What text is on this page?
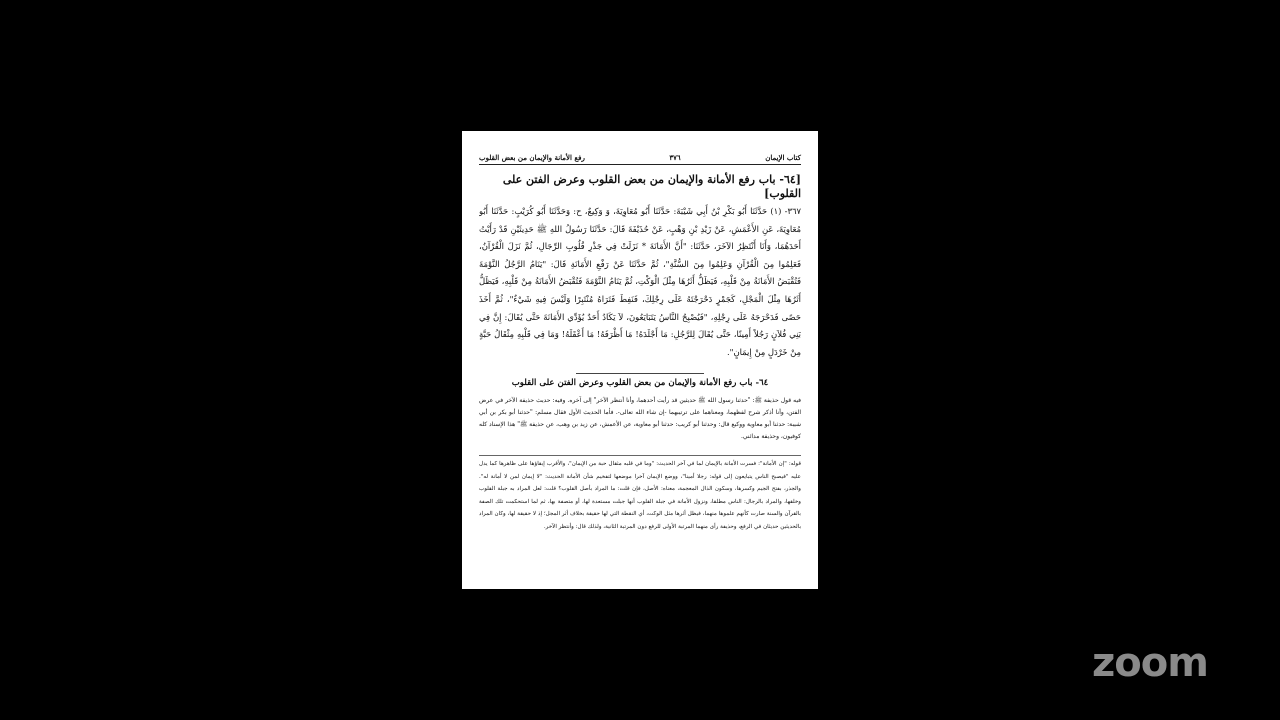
كتاب الإيمان
٣٧٦
رفع الأمانة والإيمان من بعض القلوب
[٦٤- باب رفع الأمانة والإيمان من بعض القلوب وعرض الفتن على القلوب]
٣٦٧- (١) حَدَّثَنَا أَبُو بَكْرِ بْنُ أَبِي شَيْبَةَ: حَدَّثَنَا أَبُو مُعَاوِيَةَ، وَ وَكِيعٌ، ح: وَحَدَّثَنَا أَبُو كُرَيْبٍ: حَدَّثَنَا أَبُو مُعَاوِيَةَ، عَنِ الأَعْمَشِ، عَنْ زَيْدِ بْنِ وَهْبٍ، عَنْ حُذَيْفَةَ قَالَ: حَدَّثَنَا رَسُولُ اللهِ ﷺ حَدِيثَيْنِ قَدْ رَأَيْتُ أَحَدَهُمَا، وَأَنَا أَنْتَظِرُ الآخَرَ، حَدَّثَنَا: "أَنَّ الأَمَانَةَ * نَزَلَتْ فِي جَذْرِ قُلُوبِ الرِّجَالِ، ثُمَّ نَزَلَ الْقُرْآنُ، فَعَلِمُوا مِنَ الْقُرْآنِ وَعَلِمُوا مِنَ السُّنَّةِ"، ثُمَّ حَدَّثَنَا عَنْ رَفْعِ الأَمَانَةِ قَالَ: "يَنَامُ الرَّجُلُ النَّوْمَةَ فَتُقْبَضُ الأَمَانَةُ مِنْ قَلْبِهِ، فَيَظَلُّ أَثَرُهَا مِثْلَ الْوَكْتِ، ثُمَّ يَنَامُ النَّوْمَةَ فَتُقْبَضُ الأَمَانَةُ مِنْ قَلْبِهِ، فَيَظَلُّ أَثَرُهَا مِثْلَ الْمَجْلِ، كَجَمْرٍ دَحْرَجْتَهُ عَلَى رِجْلِكَ، فَنَفِطَ فَتَرَاهُ مُنْتَبِرًا وَلَيْسَ فِيهِ شَيْءٌ"، ثُمَّ أَخَذَ حَصًى فَدَحْرَجَهُ عَلَى رِجْلِهِ، "فَيُصْبِحُ النَّاسُ يَتَبَايَعُونَ، لاَ يَكَادُ أَحَدٌ يُؤَدِّي الأَمَانَةَ حَتَّى يُقَالَ: إِنَّ فِي بَنِي فُلاَنٍ رَجُلاً أَمِينًا، حَتَّى يُقَالَ لِلرَّجُلِ: مَا أَجْلَدَهُ! مَا أَظْرَفَهُ! مَا أَعْقَلَهُ! وَمَا فِي قَلْبِهِ مِثْقَالُ حَبَّةٍ مِنْ خَرْدَلٍ مِنْ إِيمَانٍ".
٦٤- باب رفع الأمانة والإيمان من بعض القلوب وعرض الفتن على القلوب
فيه قول حذيفة ﷺ: "حدثنا رسول الله ﷺ حديثين قد رأيت أحدهما، وأنا أنتظر الآخر" إلى آخره. وفيه: حديث حذيفة الآخر في عرض الفتن، وأنا أذكر شرح لفظهما، ومعناهما على ترتيبهما -إن شاء الله تعالى-. فأما الحديث الأول فقال مسلم: "حدثنا أبو بكر بن أبي شيبة: حدثنا أبو معاوية ووكيع قال: وحدثنا أبو كريب: حدثنا أبو معاوية، عن الأعمش، عن زيد بن وهب، عن حذيفة ﷺ" هذا الإسناد كله كوفيون، وحذيفة مدائني.
قوله: "إن الأمانة": فسرت الأمانة بالإيمان لما في آخر الحديث: "وما في قلبه مثقال حبة من الإيمان"، والأقرب إبقاؤها على ظاهرها كما يدل عليه "فيصبح الناس يتبايعون إلى قوله: رجلا أمينا"، ووضع الإيمان آخرا موضعها لتفخيم شأن الأمانة الحديث: "لا إيمان لمن لا أمانة له". والجذر، بفتح الجيم وكسرها، وسكون الذال المعجمة، معناه: الأصل، فإن قلت: ما المراد بأصل القلوب؟ قلت: لعل المراد به جبلة القلوب وخلقها، والمراد بالرجال: الناس مطلقا، ونزول الأمانة في جبلة القلوب أنها جبلت مستعدة لها، أو متصفة بها، ثم لما استحكمت تلك الصفة بالقرآن والسنة صارت كأنهم علموها منهما، فيظل أثرها مثل الوكت، أي النقطة التي لها حقيقة بخلاف أثر المجل؛ إذ لا حقيقة لها، وكان المراد بالحديثين حديثان في الرفع، وحذيفة رأى منهما المرتبة الأولى للرفع دون المرتبة الثانية، ولذلك قال: وأنتظر الآخر.
zoom
